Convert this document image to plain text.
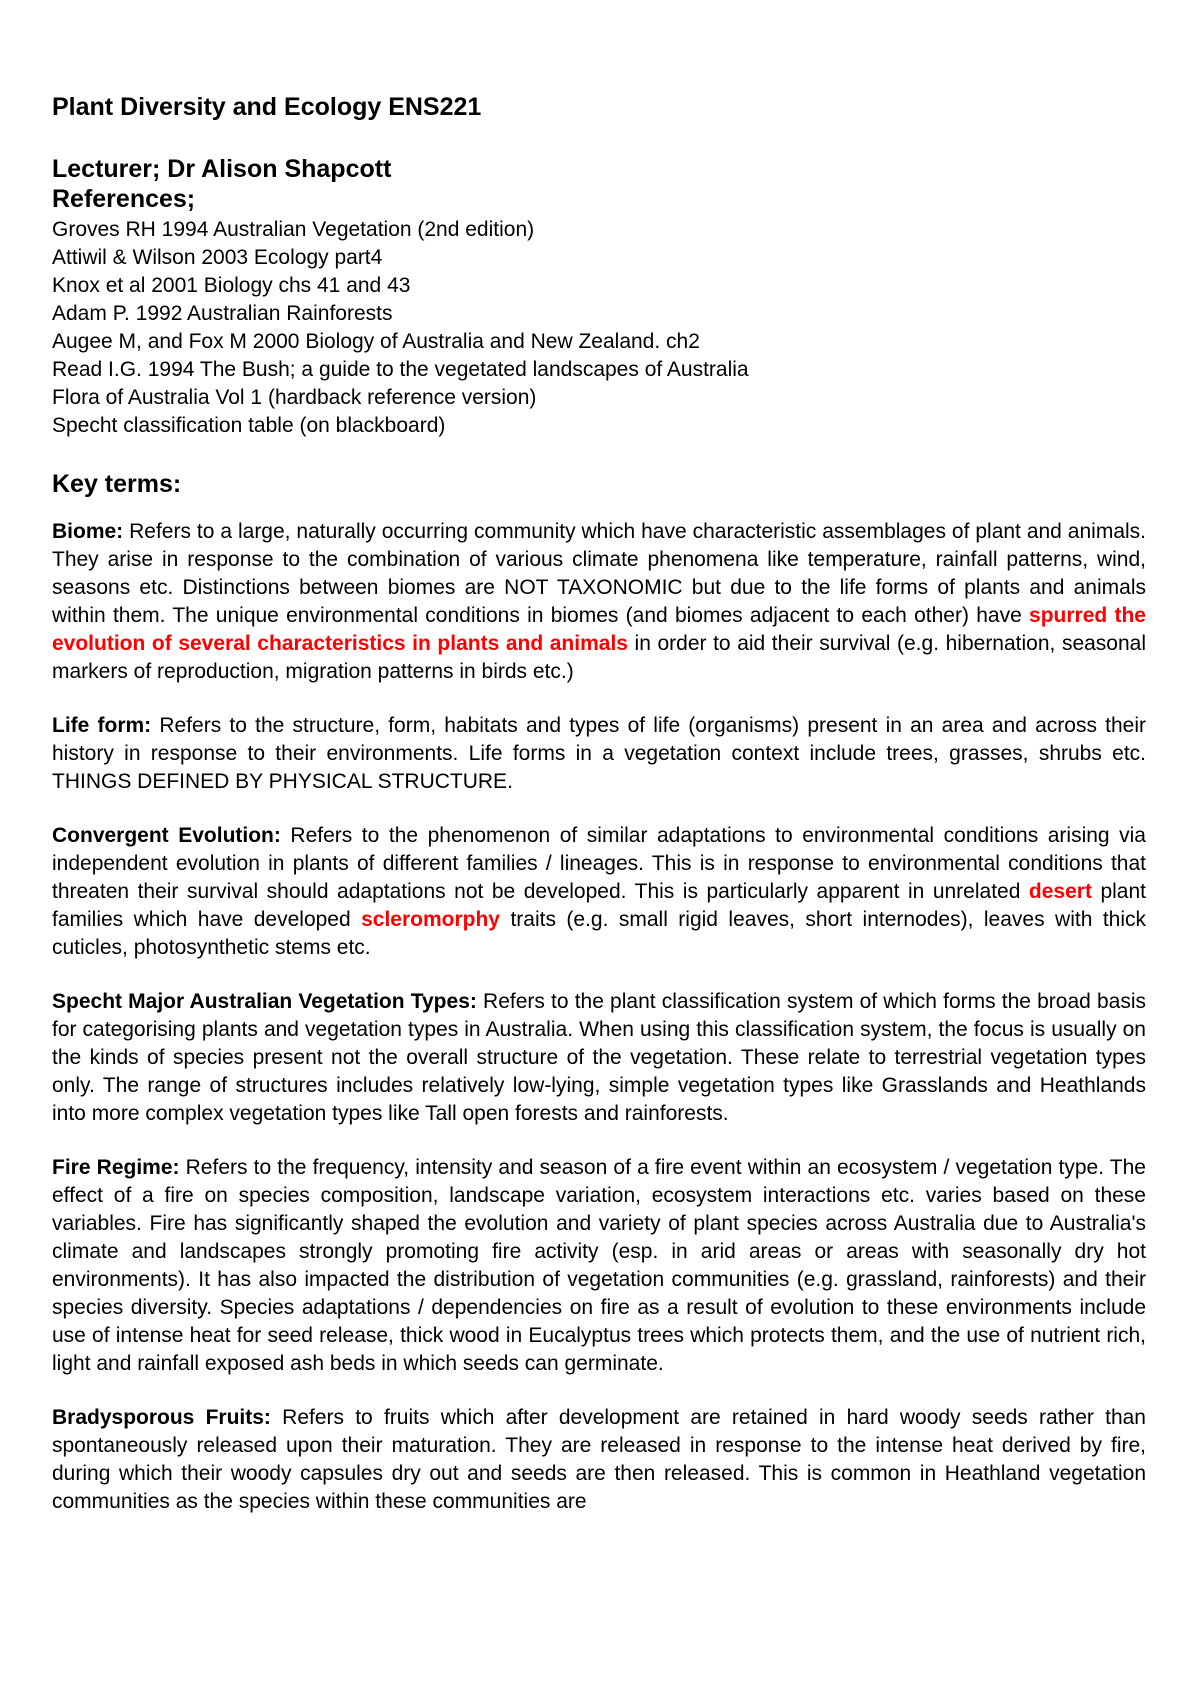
Plant Diversity and Ecology ENS221
Lecturer; Dr Alison Shapcott
References;
Groves RH 1994 Australian Vegetation (2nd edition)
Attiwil & Wilson 2003 Ecology part4
Knox et al 2001 Biology chs 41 and 43
Adam P. 1992 Australian Rainforests
Augee M, and Fox M 2000 Biology of Australia and New Zealand. ch2
Read I.G. 1994 The Bush; a guide to the vegetated landscapes of Australia
Flora of Australia Vol 1 (hardback reference version)
Specht classification table (on blackboard)
Key terms:

Biome: Refers to a large, naturally occurring community which have characteristic assemblages of plant and animals. They arise in response to the combination of various climate phenomena like temperature, rainfall patterns, wind, seasons etc. Distinctions between biomes are NOT TAXONOMIC but due to the life forms of plants and animals within them. The unique environmental conditions in biomes (and biomes adjacent to each other) have spurred the evolution of several characteristics in plants and animals in order to aid their survival (e.g. hibernation, seasonal markers of reproduction, migration patterns in birds etc.)

Life form: Refers to the structure, form, habitats and types of life (organisms) present in an area and across their history in response to their environments. Life forms in a vegetation context include trees, grasses, shrubs etc. THINGS DEFINED BY PHYSICAL STRUCTURE.

Convergent Evolution: Refers to the phenomenon of similar adaptations to environmental conditions arising via independent evolution in plants of different families / lineages. This is in response to environmental conditions that threaten their survival should adaptations not be developed. This is particularly apparent in unrelated desert plant families which have developed scleromorphy traits (e.g. small rigid leaves, short internodes), leaves with thick cuticles, photosynthetic stems etc.

Specht Major Australian Vegetation Types: Refers to the plant classification system of which forms the broad basis for categorising plants and vegetation types in Australia. When using this classification system, the focus is usually on the kinds of species present not the overall structure of the vegetation. These relate to terrestrial vegetation types only. The range of structures includes relatively low-lying, simple vegetation types like Grasslands and Heathlands into more complex vegetation types like Tall open forests and rainforests.

Fire Regime: Refers to the frequency, intensity and season of a fire event within an ecosystem / vegetation type. The effect of a fire on species composition, landscape variation, ecosystem interactions etc. varies based on these variables. Fire has significantly shaped the evolution and variety of plant species across Australia due to Australia's climate and landscapes strongly promoting fire activity (esp. in arid areas or areas with seasonally dry hot environments). It has also impacted the distribution of vegetation communities (e.g. grassland, rainforests) and their species diversity. Species adaptations / dependencies on fire as a result of evolution to these environments include use of intense heat for seed release, thick wood in Eucalyptus trees which protects them, and the use of nutrient rich, light and rainfall exposed ash beds in which seeds can germinate.

Bradysporous Fruits: Refers to fruits which after development are retained in hard woody seeds rather than spontaneously released upon their maturation. They are released in response to the intense heat derived by fire, during which their woody capsules dry out and seeds are then released. This is common in Heathland vegetation communities as the species within these communities are
